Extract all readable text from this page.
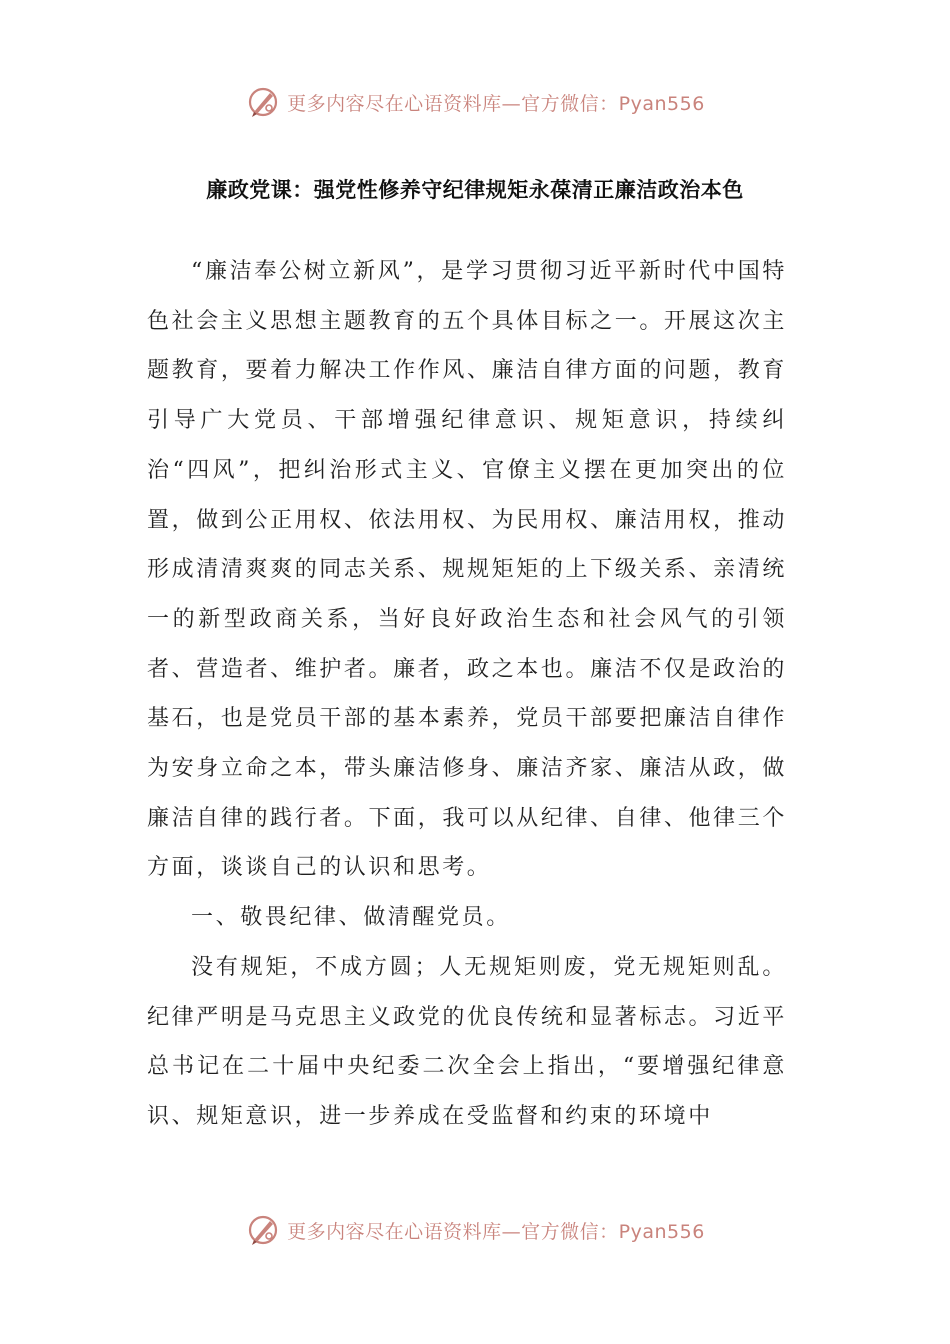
更多内容尽在心语资料库—官方微信：Pyan556
廉政党课：强党性修养守纪律规矩永葆清正廉洁政治本色

“廉洁奉公树立新风”，是学习贯彻习近平新时代中国特色社会主义思想主题教育的五个具体目标之一。开展这次主题教育，要着力解决工作作风、廉洁自律方面的问题，教育引导广大党员、干部增强纪律意识、规矩意识，持续纠治“四风”，把纠治形式主义、官僚主义摆在更加突出的位置，做到公正用权、依法用权、为民用权、廉洁用权，推动形成清清爽爽的同志关系、规规矩矩的上下级关系、亲清统一的新型政商关系，当好良好政治生态和社会风气的引领者、营造者、维护者。廉者，政之本也。廉洁不仅是政治的基石，也是党员干部的基本素养，党员干部要把廉洁自律作为安身立命之本，带头廉洁修身、廉洁齐家、廉洁从政，做廉洁自律的践行者。下面，我可以从纪律、自律、他律三个方面，谈谈自己的认识和思考。

一、敬畏纪律、做清醒党员。

没有规矩，不成方圆；人无规矩则废，党无规矩则乱。纪律严明是马克思主义政党的优良传统和显著标志。习近平总书记在二十届中央纪委二次全会上指出，“要增强纪律意识、规矩意识，进一步养成在受监督和约束的环境中

更多内容尽在心语资料库—官方微信：Pyan556
